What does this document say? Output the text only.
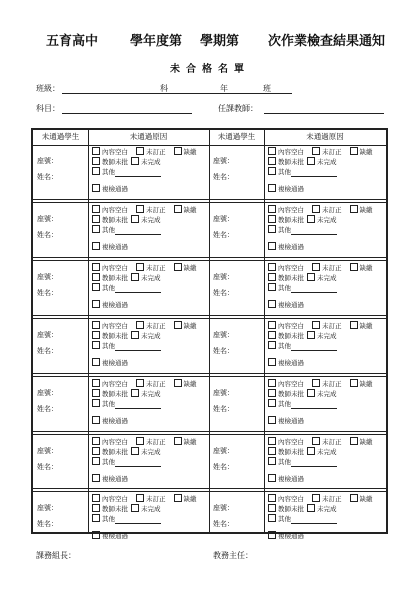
五育高中 學年度第 學期第 次作業檢查結果通知
未合格名單
班級：	科	年	班
科目：	任課教師：
未通過學生	未通過原因	未通過學生	未通過原因
座號：
姓名：
內容空白	未訂正	缺繳
教師未批 未完成
其他
複檢通過
座號：
姓名：
內容空白	未訂正	缺繳
教師未批 未完成
其他
複檢通過
座號：
姓名：
內容空白	未訂正	缺繳
教師未批 未完成
其他
複檢通過
座號：
姓名：
內容空白	未訂正	缺繳
教師未批 未完成
其他
複檢通過
座號：
姓名：
內容空白	未訂正	缺繳
教師未批 未完成
其他
複檢通過
座號：
姓名：
內容空白	未訂正	缺繳
教師未批 未完成
其他
複檢通過
座號：
姓名：
內容空白	未訂正	缺繳
教師未批 未完成
其他
複檢通過
座號：
姓名：
內容空白	未訂正	缺繳
教師未批 未完成
其他
複檢通過
座號：
姓名：
內容空白	未訂正	缺繳
教師未批 未完成
其他
複檢通過
座號：
姓名：
內容空白	未訂正	缺繳
教師未批 未完成
其他
複檢通過
座號：
姓名：
內容空白	未訂正	缺繳
教師未批 未完成
其他
複檢通過
座號：
姓名：
內容空白	未訂正	缺繳
教師未批 未完成
其他
複檢通過
座號：
姓名：
內容空白	未訂正	缺繳
教師未批 未完成
其他
複檢通過
座號：
姓名：
內容空白	未訂正	缺繳
教師未批 未完成
其他
複檢通過
課務組長：	教務主任：
